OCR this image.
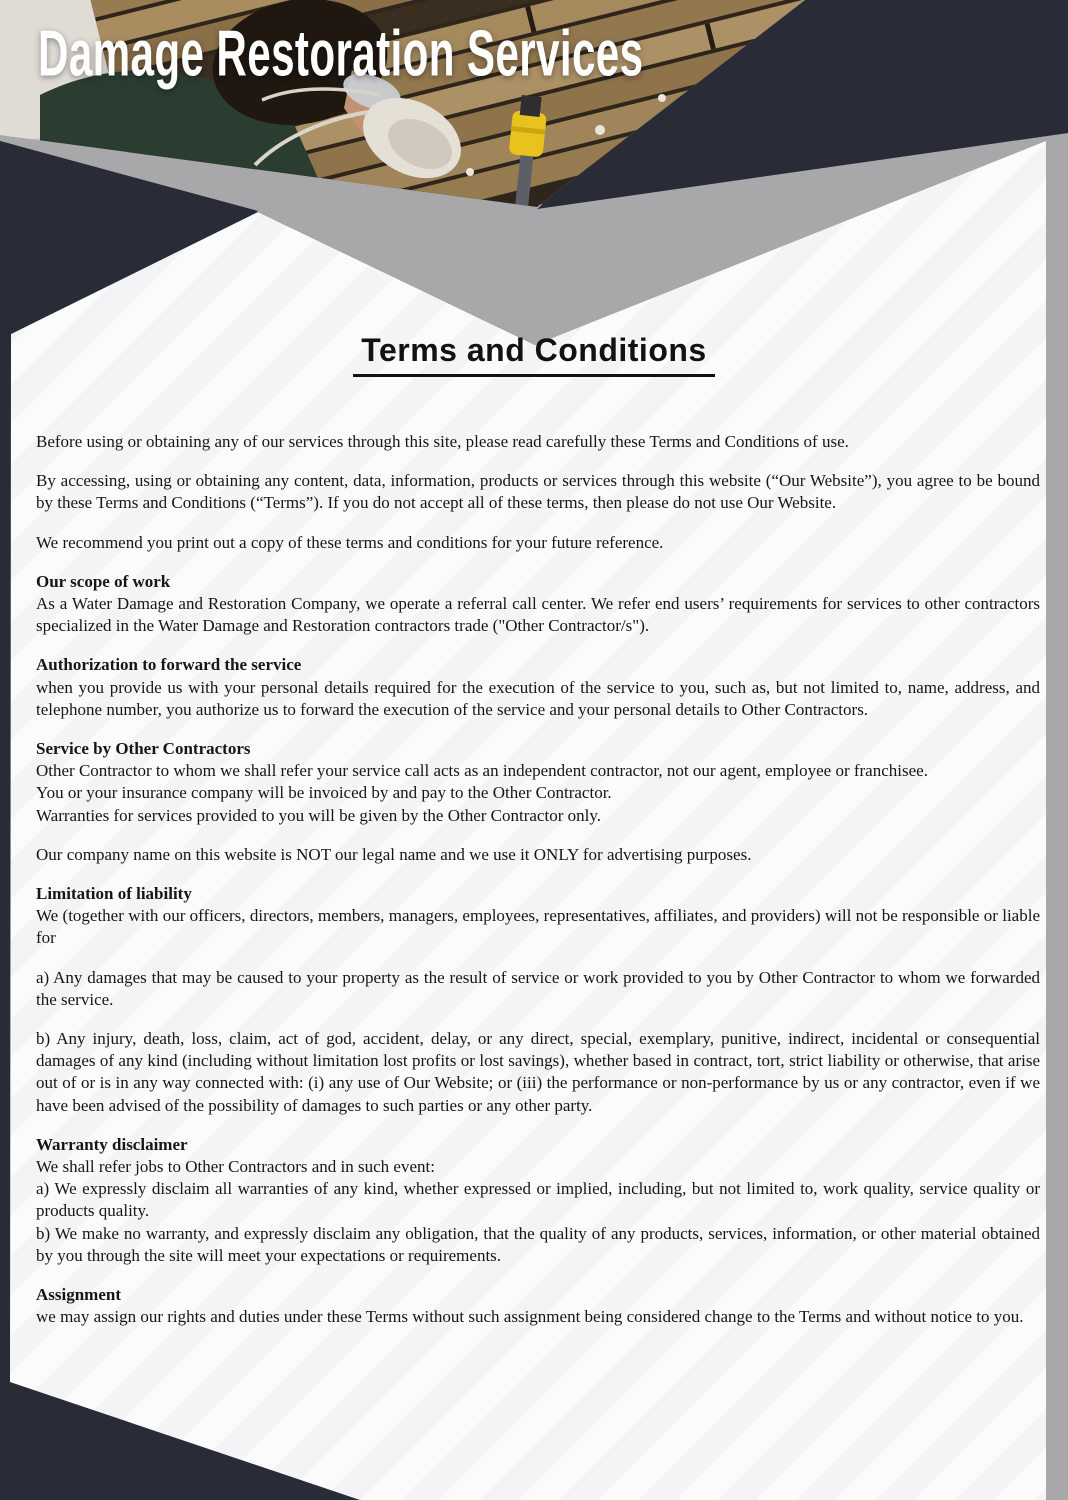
Damage Restoration Services
Terms and Conditions

Before using or obtaining any of our services through this site, please read carefully these Terms and Conditions of use.

By accessing, using or obtaining any content, data, information, products or services through this website (“Our Website”), you agree to be bound by these Terms and Conditions (“Terms”). If you do not accept all of these terms, then please do not use Our Website.

We recommend you print out a copy of these terms and conditions for your future reference.

Our scope of work

As a Water Damage and Restoration Company, we operate a referral call center. We refer end users’ requirements for services to other contractors specialized in the Water Damage and Restoration contractors trade ("Other Contractor/s").

Authorization to forward the service

when you provide us with your personal details required for the execution of the service to you, such as, but not limited to, name, address, and telephone number, you authorize us to forward the execution of the service and your personal details to Other Contractors.

Service by Other Contractors

Other Contractor to whom we shall refer your service call acts as an independent contractor, not our agent, employee or franchisee.

You or your insurance company will be invoiced by and pay to the Other Contractor.

Warranties for services provided to you will be given by the Other Contractor only.

Our company name on this website is NOT our legal name and we use it ONLY for advertising purposes.

Limitation of liability

We (together with our officers, directors, members, managers, employees, representatives, affiliates, and providers) will not be responsible or liable for

a) Any damages that may be caused to your property as the result of service or work provided to you by Other Contractor to whom we forwarded the service.

b) Any injury, death, loss, claim, act of god, accident, delay, or any direct, special, exemplary, punitive, indirect, incidental or consequential damages of any kind (including without limitation lost profits or lost savings), whether based in contract, tort, strict liability or otherwise, that arise out of or is in any way connected with: (i) any use of Our Website; or (iii) the performance or non-performance by us or any contractor, even if we have been advised of the possibility of damages to such parties or any other party.

Warranty disclaimer

We shall refer jobs to Other Contractors and in such event:

a) We expressly disclaim all warranties of any kind, whether expressed or implied, including, but not limited to, work quality, service quality or products quality.

b) We make no warranty, and expressly disclaim any obligation, that the quality of any products, services, information, or other material obtained by you through the site will meet your expectations or requirements.

Assignment

we may assign our rights and duties under these Terms without such assignment being considered change to the Terms and without notice to you.
